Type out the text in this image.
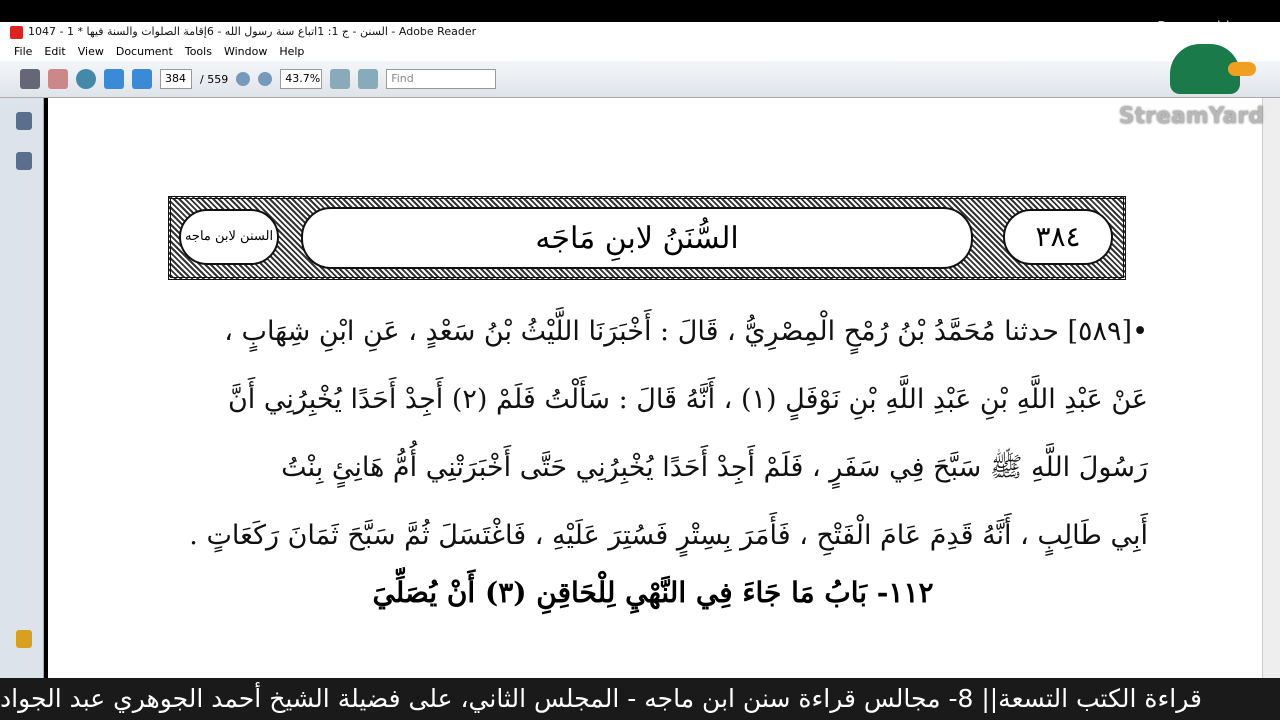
السنن - ج 1: 1اتباع سنة رسول الله - 6إقامة الصلوات والسنة فيها * 1 - 1047 - Adobe Reader
File Edit View Document Tools Window Help
384	/ 559	43.7%	Find
السنن لابن ماجه	السُّنَنُ لابنِ مَاجَه	٣٨٤

•[٥٨٩] حدثنا مُحَمَّدُ بْنُ رُمْحٍ الْمِصْرِيُّ ، قَالَ : أَخْبَرَنَا اللَّيْثُ بْنُ سَعْدٍ ، عَنِ ابْنِ شِهَابٍ ،

عَنْ عَبْدِ اللَّهِ بْنِ عَبْدِ اللَّهِ بْنِ نَوْفَلٍ (١) ، أَنَّهُ قَالَ : سَأَلْتُ فَلَمْ (٢) أَجِدْ أَحَدًا يُخْبِرُنِي أَنَّ

رَسُولَ اللَّهِ ﷺ سَبَّحَ فِي سَفَرٍ ، فَلَمْ أَجِدْ أَحَدًا يُخْبِرُنِي حَتَّى أَخْبَرَتْنِي أُمُّ هَانِئٍ بِنْتُ

أَبِي طَالِبٍ ، أَنَّهُ قَدِمَ عَامَ الْفَتْحِ ، فَأَمَرَ بِسِتْرٍ فَسُتِرَ عَلَيْهِ ، فَاغْتَسَلَ ثُمَّ سَبَّحَ ثَمَانَ رَكَعَاتٍ .

١١٢- بَابُ مَا جَاءَ فِي النَّهْيِ لِلْحَاقِنِ (٣) أَنْ يُصَلِّيَ
قراءة الكتب التسعة|| 8- مجالس قراءة سنن ابن ماجه - المجلس الثاني، على فضيلة الشيخ أحمد الجوهري عبد الجواد
Powered by
StreamYard
